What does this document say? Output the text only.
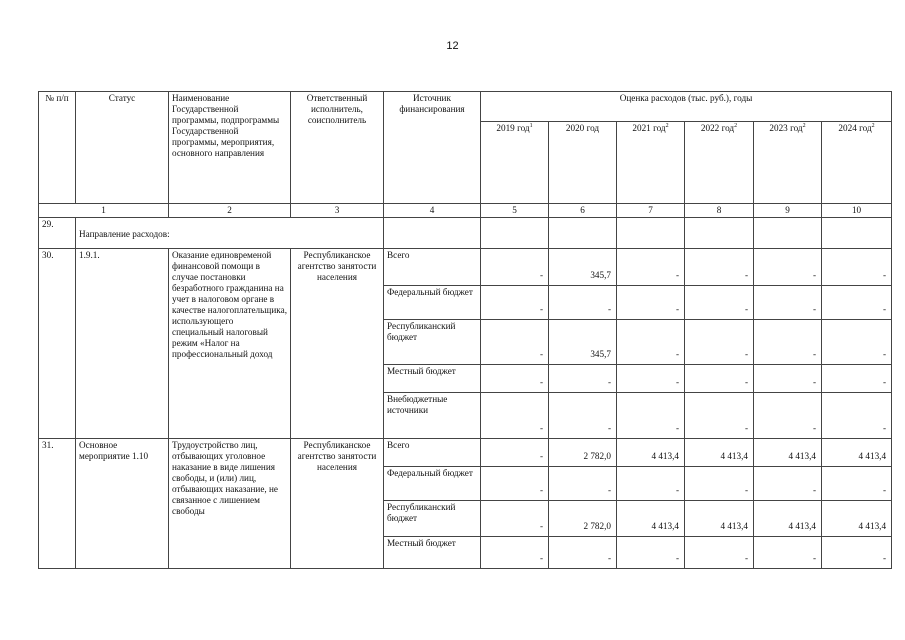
12
№ п/п	Статус	Наименование Государственной программы, подпрограммы Государственной программы, мероприятия, основного направления	Ответственный исполнитель, соисполнитель	Источник финансирования	Оценка расходов (тыс. руб.), годы					
					2019 год$^1$	2020 год	2021 год$^2$	2022 год$^2$	2023 год$^2$	2024 год$^2$
1		2	3	4	5	6	7	8	9	10
29.	Направление расходов:									
30.	1.9.1.	Оказание единовременой финансовой помощи в случае постановки безработного гражданина на учет в налоговом органе в качестве налогоплательщика, использующего специальный налоговый режим «Налог на профессиональный доход	Республиканское агентство занятости населения	Всего	-	345,7	-	-	-	-
				Федеральный бюджет	-	-	-	-	-	-
				Республиканский бюджет	-	345,7	-	-	-	-
				Местный бюджет	-	-	-	-	-	-
				Внебюджетные источники	-	-	-	-	-	-
31.	Основное мероприятие 1.10	Трудоустройство лиц, отбывающих уголовное наказание в виде лишения свободы, и (или) лиц, отбывающих наказание, не связанное с лишением свободы	Республиканское агентство занятости населения	Всего	-	2 782,0	4 413,4	4 413,4	4 413,4	4 413,4
				Федеральный бюджет	-	-	-	-	-	-
				Республиканский бюджет	-	2 782,0	4 413,4	4 413,4	4 413,4	4 413,4
				Местный бюджет	-	-	-	-	-	-
